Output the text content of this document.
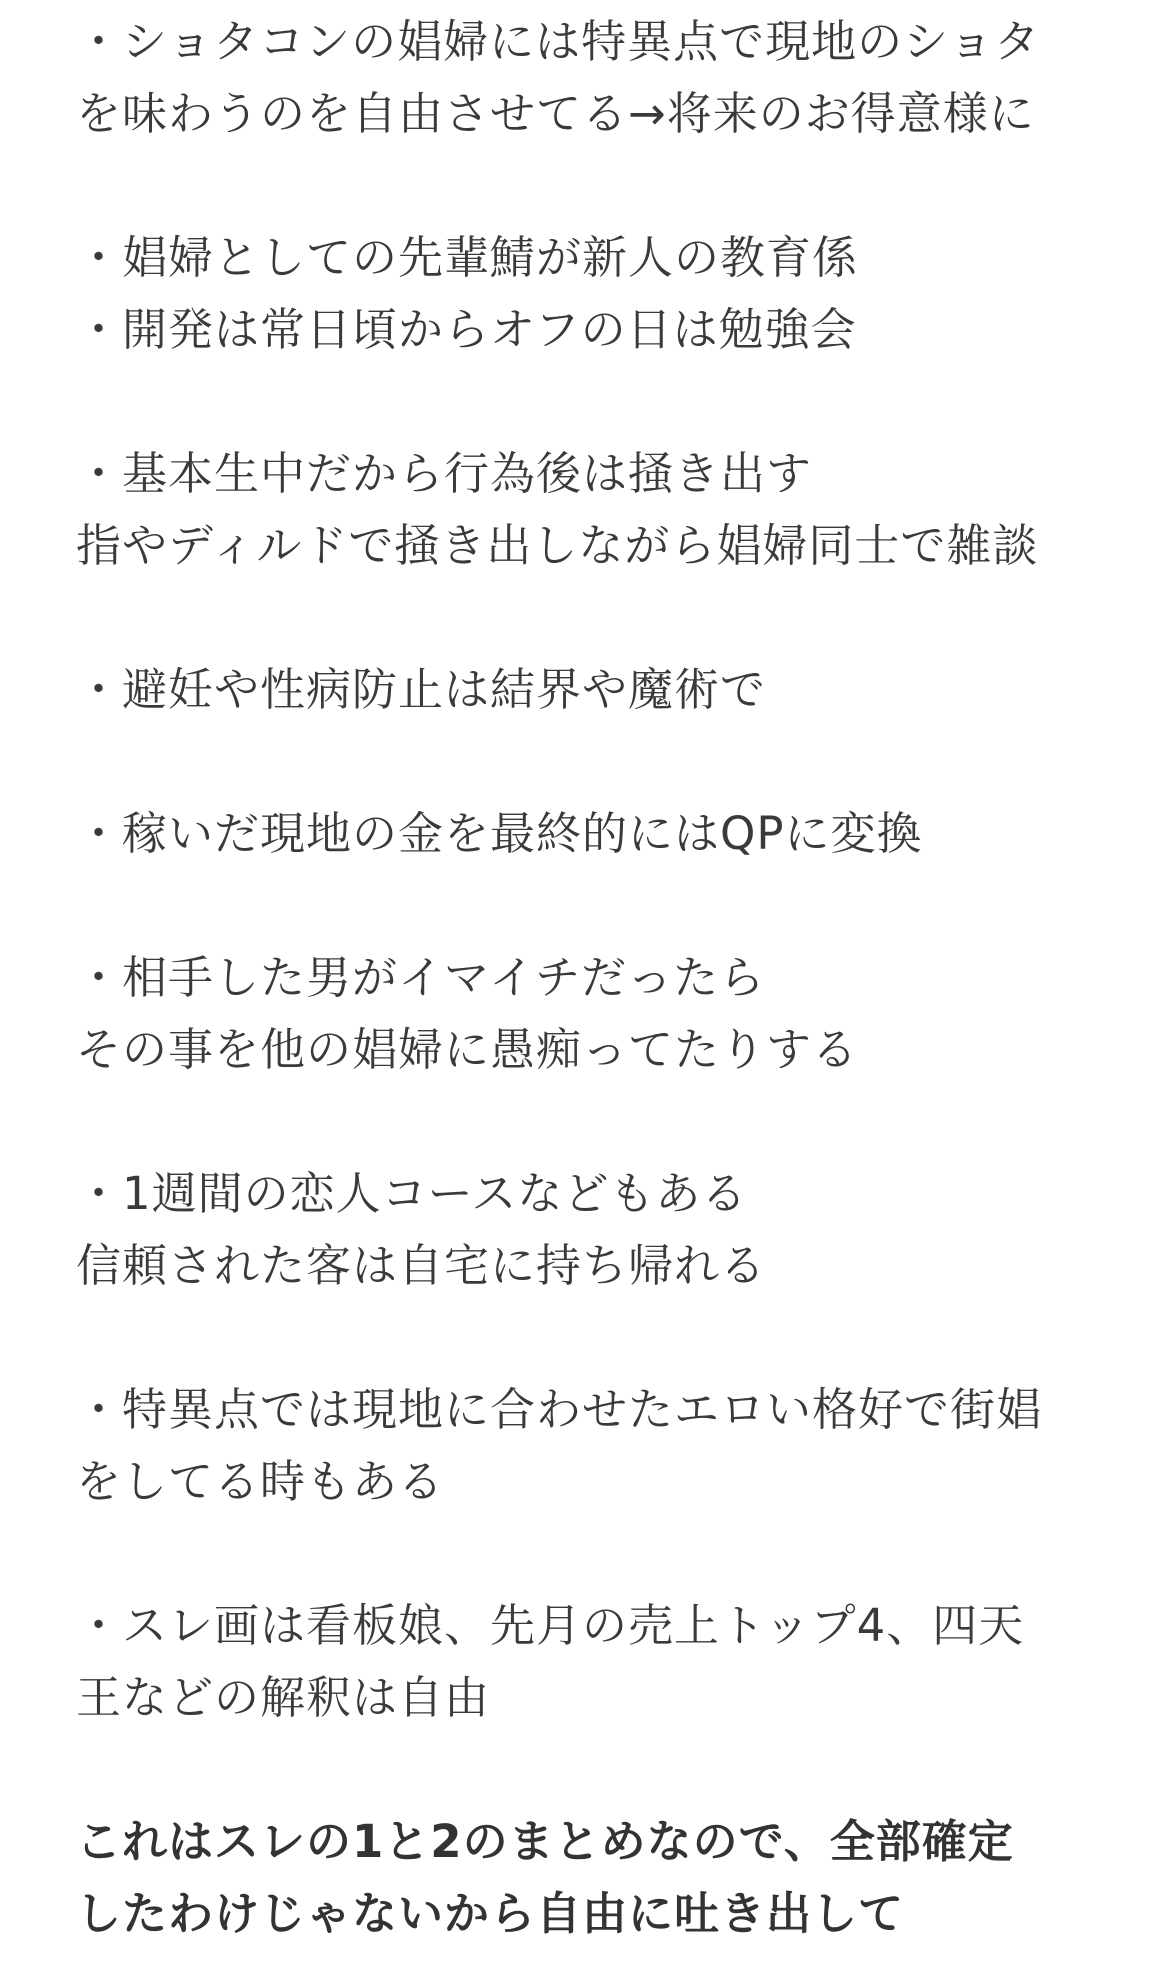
・ショタコンの娼婦には特異点で現地のショタ
を味わうのを自由させてる→将来のお得意様に
・娼婦としての先輩鯖が新人の教育係
・開発は常日頃からオフの日は勉強会
・基本生中だから行為後は掻き出す
指やディルドで掻き出しながら娼婦同士で雑談
・避妊や性病防止は結界や魔術で
・稼いだ現地の金を最終的にはQPに変換
・相手した男がイマイチだったら
その事を他の娼婦に愚痴ってたりする
・1週間の恋人コースなどもある
信頼された客は自宅に持ち帰れる
・特異点では現地に合わせたエロい格好で街娼
をしてる時もある
・スレ画は看板娘、先月の売上トップ4、四天
王などの解釈は自由
これはスレの1と2のまとめなので、全部確定
したわけじゃないから自由に吐き出して
